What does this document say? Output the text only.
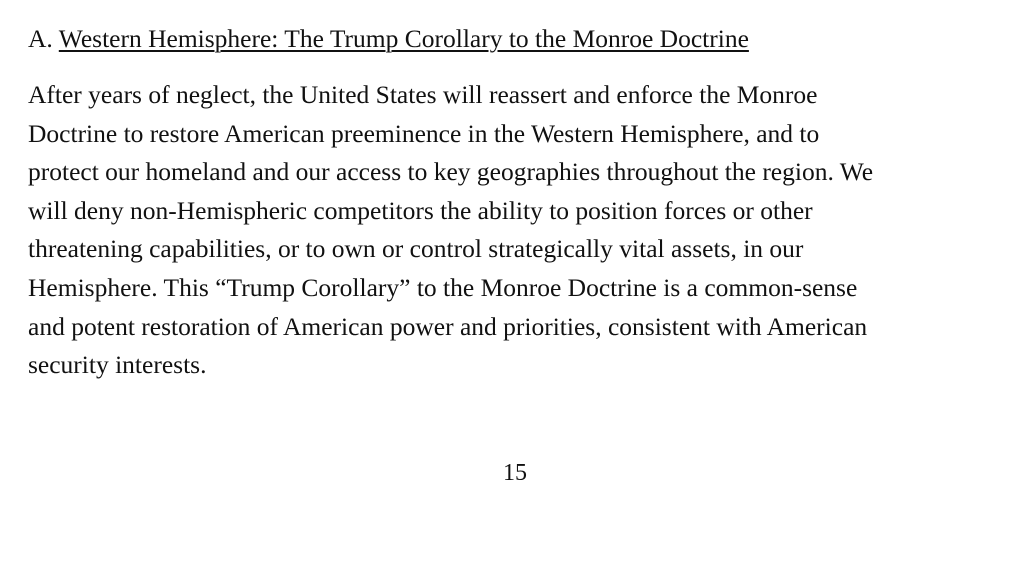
A. Western Hemisphere: The Trump Corollary to the Monroe Doctrine
After years of neglect, the United States will reassert and enforce the Monroe
Doctrine to restore American preeminence in the Western Hemisphere, and to
protect our homeland and our access to key geographies throughout the region. We
will deny non-Hemispheric competitors the ability to position forces or other
threatening capabilities, or to own or control strategically vital assets, in our
Hemisphere. This “Trump Corollary” to the Monroe Doctrine is a common-sense
and potent restoration of American power and priorities, consistent with American
security interests.
15
